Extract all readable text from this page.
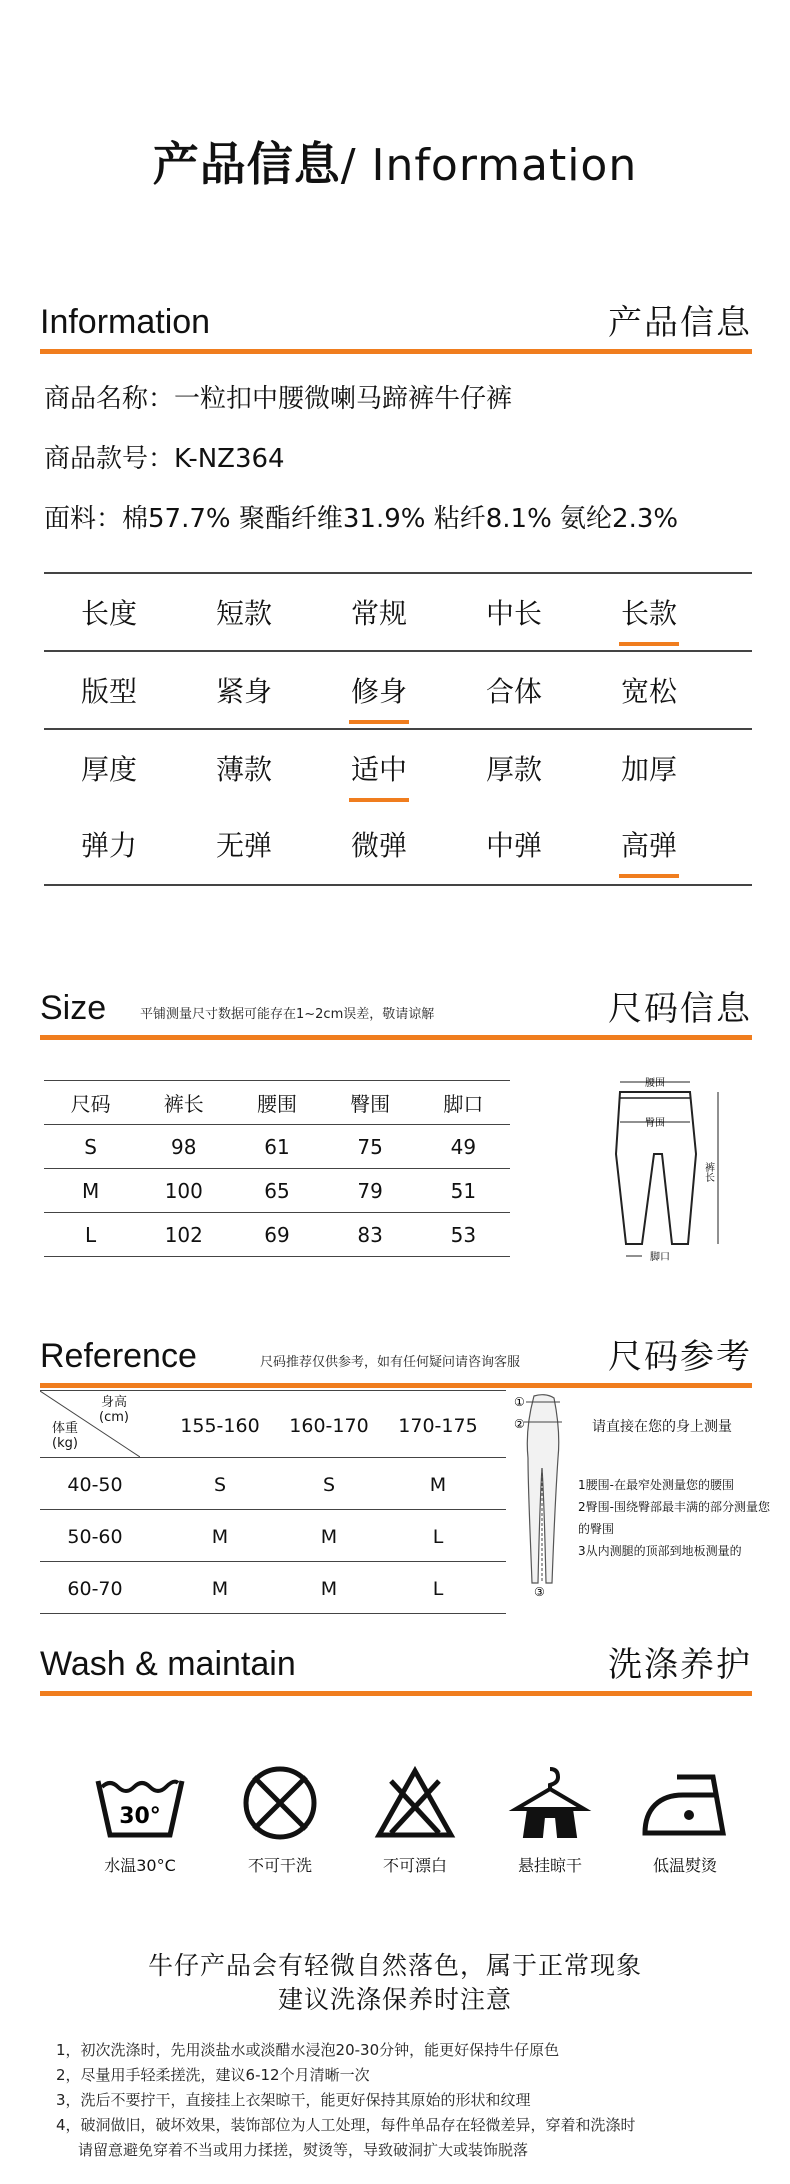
产品信息/ Information
Information	产品信息
商品名称：一粒扣中腰微喇马蹄裤牛仔裤
商品款号：K-NZ364
面料：棉57.7% 聚酯纤维31.9% 粘纤8.1% 氨纶2.3%
长度	短款	常规	中长	长款
版型	紧身	修身	合体	宽松
厚度	薄款	适中	厚款	加厚
弹力	无弹	微弹	中弹	高弹
Size	平铺测量尺寸数据可能存在1~2cm误差，敬请谅解	尺码信息
尺码	裤长	腰围	臀围	脚口
S	98	61	75	49
M	100	65	79	51
L	102	69	83	53
腰围
臀围
裤长
脚口
Reference	尺码推荐仅供参考，如有任何疑问请咨询客服	尺码参考
身高
(cm)
体重
(kg)
155-160	160-170	170-175
40-50	S	S	M
50-60	M	M	L
60-70	M	M	L
①
②
③
请直接在您的身上测量
1腰围-在最窄处测量您的腰围
2臀围-围绕臀部最丰满的部分测量您的臀围
3从内测腿的顶部到地板测量的
Wash & maintain	洗涤养护
30°
水温30°C	不可干洗	不可漂白	悬挂晾干	低温熨烫
牛仔产品会有轻微自然落色，属于正常现象
建议洗涤保养时注意
1，初次洗涤时，先用淡盐水或淡醋水浸泡20-30分钟，能更好保持牛仔原色
2，尽量用手轻柔搓洗，建议6-12个月清晰一次
3，洗后不要拧干，直接挂上衣架晾干，能更好保持其原始的形状和纹理
4，破洞做旧，破坏效果，装饰部位为人工处理，每件单品存在轻微差异，穿着和洗涤时
请留意避免穿着不当或用力揉搓，熨烫等，导致破洞扩大或装饰脱落
